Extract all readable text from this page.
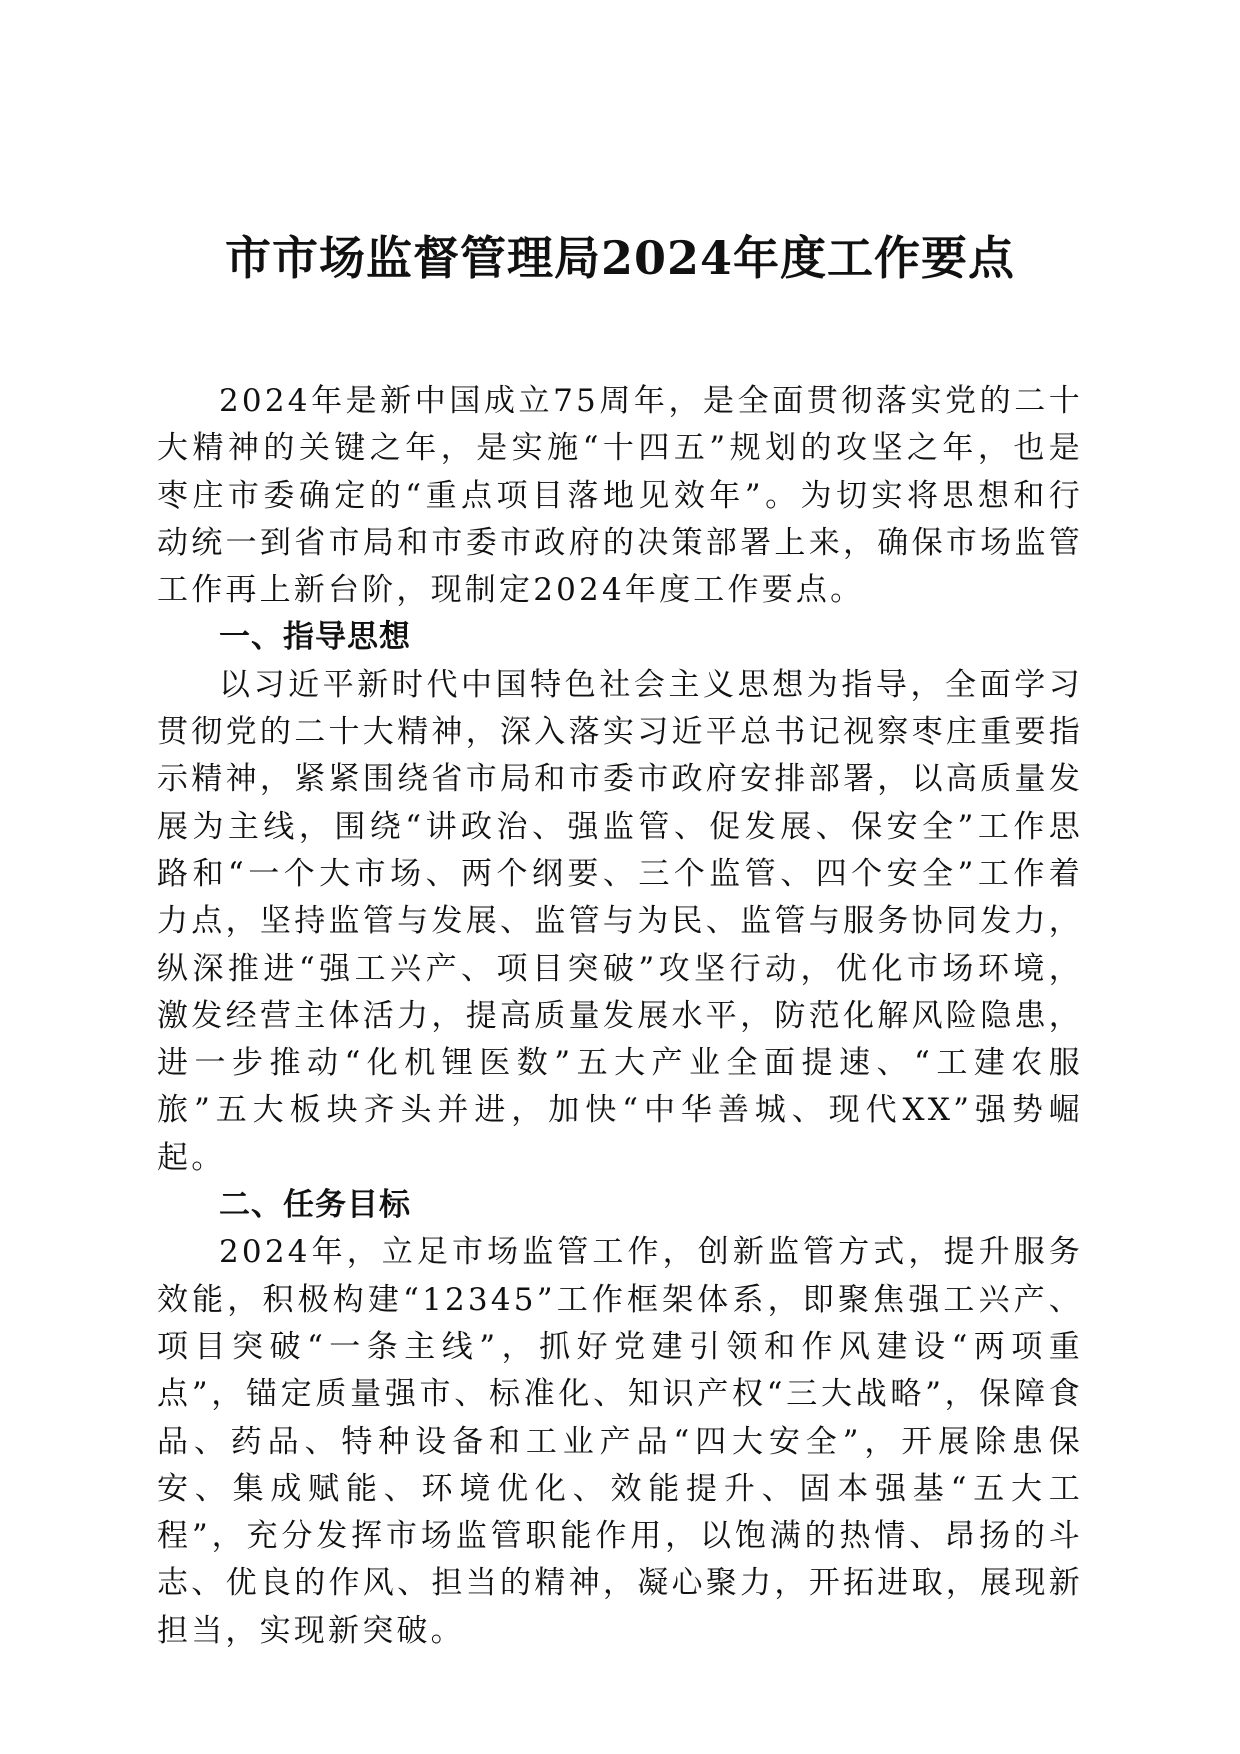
市市场监督管理局2024年度工作要点

2024年是新中国成立75周年，是全面贯彻落实党的二十大精神的关键之年，是实施“十四五”规划的攻坚之年，也是枣庄市委确定的“重点项目落地见效年”。为切实将思想和行动统一到省市局和市委市政府的决策部署上来，确保市场监管工作再上新台阶，现制定2024年度工作要点。

一、指导思想

以习近平新时代中国特色社会主义思想为指导，全面学习贯彻党的二十大精神，深入落实习近平总书记视察枣庄重要指示精神，紧紧围绕省市局和市委市政府安排部署，以高质量发展为主线，围绕“讲政治、强监管、促发展、保安全”工作思路和“一个大市场、两个纲要、三个监管、四个安全”工作着力点，坚持监管与发展、监管与为民、监管与服务协同发力，纵深推进“强工兴产、项目突破”攻坚行动，优化市场环境，激发经营主体活力，提高质量发展水平，防范化解风险隐患，进一步推动“化机锂医数”五大产业全面提速、“工建农服旅”五大板块齐头并进，加快“中华善城、现代XX”强势崛起。

二、任务目标

2024年，立足市场监管工作，创新监管方式，提升服务效能，积极构建“12345”工作框架体系，即聚焦强工兴产、项目突破“一条主线”，抓好党建引领和作风建设“两项重点”，锚定质量强市、标准化、知识产权“三大战略”，保障食品、药品、特种设备和工业产品“四大安全”，开展除患保安、集成赋能、环境优化、效能提升、固本强基“五大工程”，充分发挥市场监管职能作用，以饱满的热情、昂扬的斗志、优良的作风、担当的精神，凝心聚力，开拓进取，展现新担当，实现新突破。
